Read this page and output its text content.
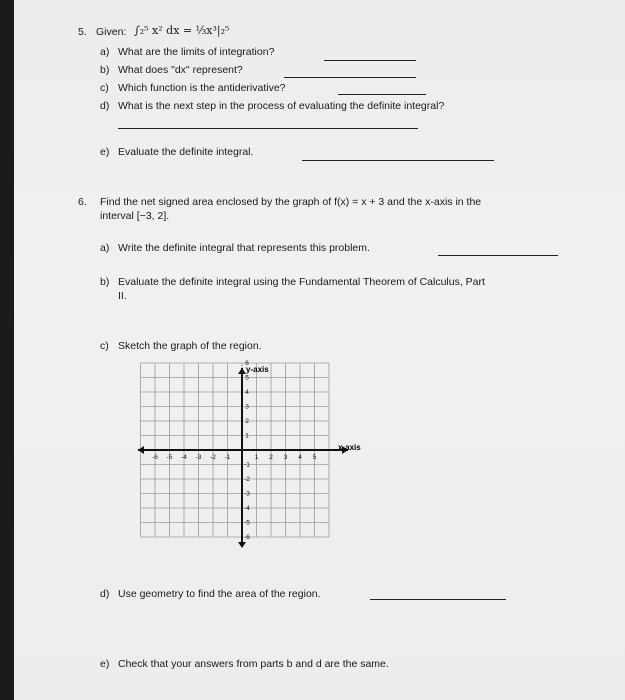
5. Given: ∫₂⁵ x² dx = ⅓x³|₂⁵
a) What are the limits of integration?
b) What does "dx" represent?
c) Which function is the antiderivative?
d) What is the next step in the process of evaluating the definite integral?
e) Evaluate the definite integral.
6. Find the net signed area enclosed by the graph of f(x) = x + 3 and the x-axis in the
interval [−3, 2].
a) Write the definite integral that represents this problem.
b) Evaluate the definite integral using the Fundamental Theorem of Calculus, Part
II.
c) Sketch the graph of the region.
-6 -5 -4 -3 -2 -1	1 2 3 4 5
6
5
4
3
2
1
-1
-2
-3
-4
-5
-6
y-axis
x-axis
d) Use geometry to find the area of the region.
e) Check that your answers from parts b and d are the same.
